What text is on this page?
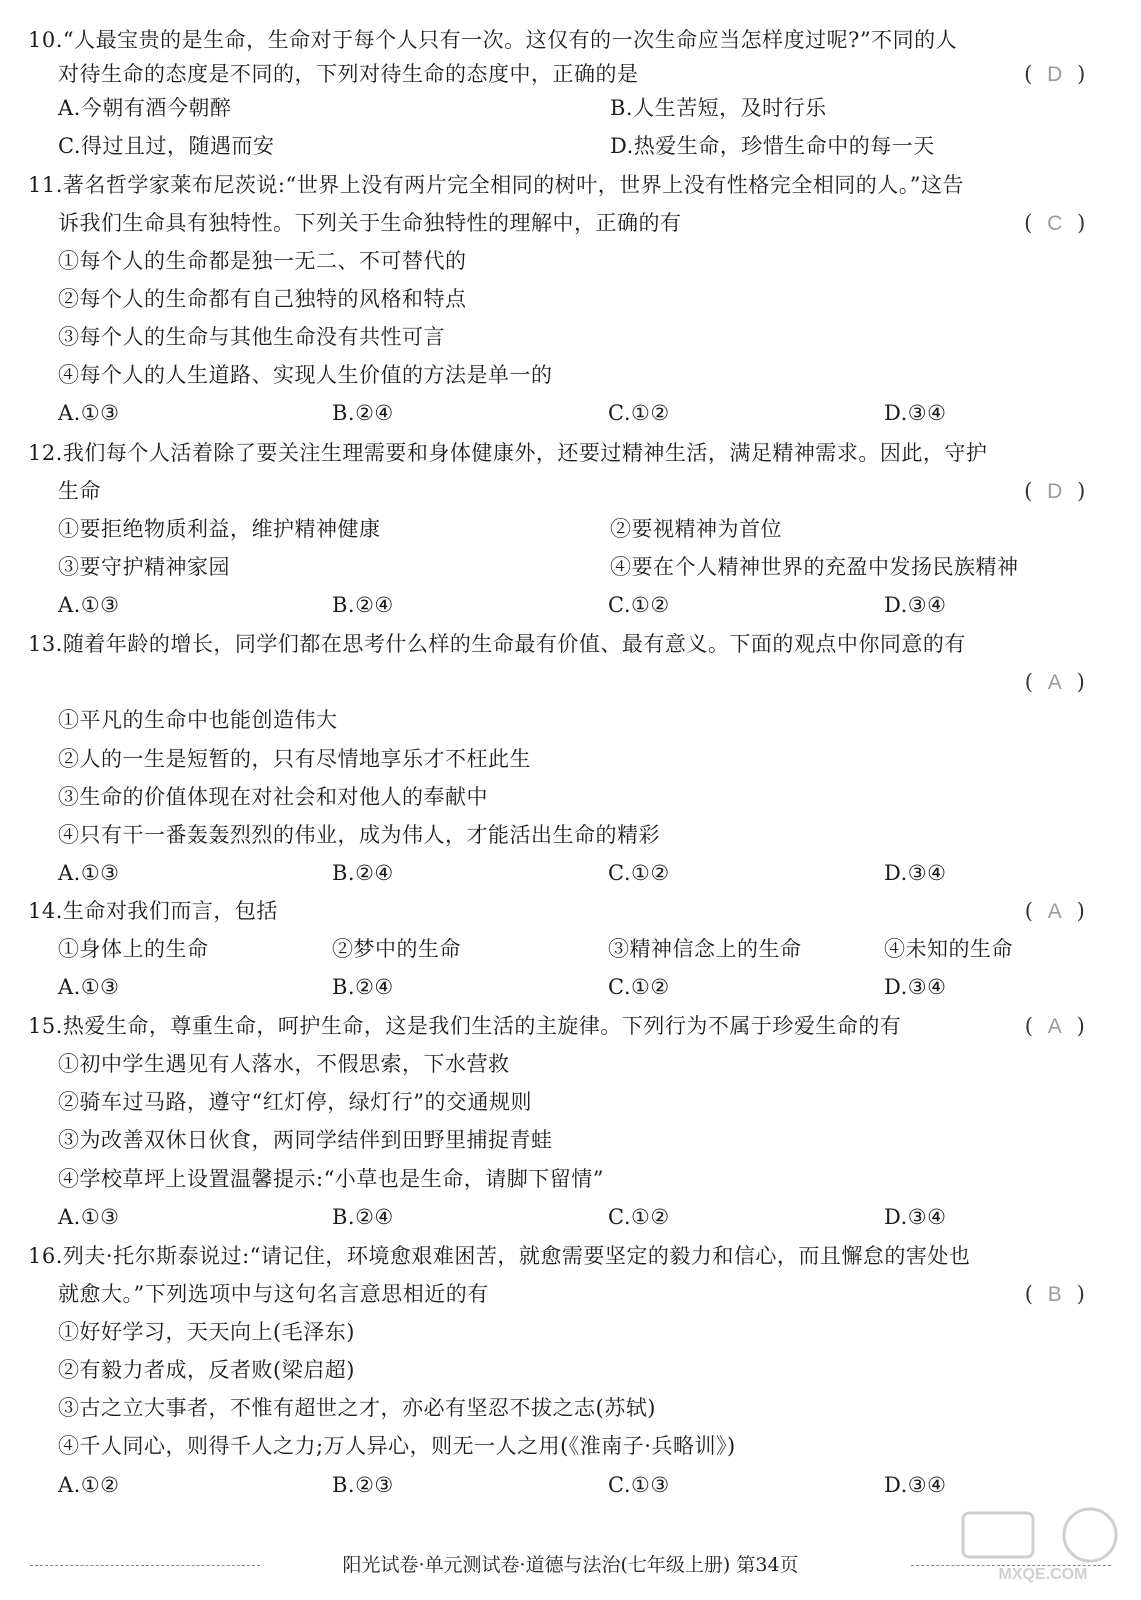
10.“人最宝贵的是生命，生命对于每个人只有一次。这仅有的一次生命应当怎样度过呢?”不同的人
对待生命的态度是不同的，下列对待生命的态度中，正确的是	(  D  )
A.今朝有酒今朝醉	B.人生苦短，及时行乐
C.得过且过，随遇而安	D.热爱生命，珍惜生命中的每一天
11.著名哲学家莱布尼茨说:“世界上没有两片完全相同的树叶，世界上没有性格完全相同的人。”这告
诉我们生命具有独特性。下列关于生命独特性的理解中，正确的有	(  C  )
①每个人的生命都是独一无二、不可替代的
②每个人的生命都有自己独特的风格和特点
③每个人的生命与其他生命没有共性可言
④每个人的人生道路、实现人生价值的方法是单一的
A.①③	B.②④	C.①②	D.③④
12.我们每个人活着除了要关注生理需要和身体健康外，还要过精神生活，满足精神需求。因此，守护
生命	(  D  )
①要拒绝物质利益，维护精神健康	②要视精神为首位
③要守护精神家园	④要在个人精神世界的充盈中发扬民族精神
A.①③	B.②④	C.①②	D.③④
13.随着年龄的增长，同学们都在思考什么样的生命最有价值、最有意义。下面的观点中你同意的有
(  A  )
①平凡的生命中也能创造伟大
②人的一生是短暂的，只有尽情地享乐才不枉此生
③生命的价值体现在对社会和对他人的奉献中
④只有干一番轰轰烈烈的伟业，成为伟人，才能活出生命的精彩
A.①③	B.②④	C.①②	D.③④
14.生命对我们而言，包括	(  A  )
①身体上的生命	②梦中的生命	③精神信念上的生命	④未知的生命
A.①③	B.②④	C.①②	D.③④
15.热爱生命，尊重生命，呵护生命，这是我们生活的主旋律。下列行为不属于珍爱生命的有	(  A  )
①初中学生遇见有人落水，不假思索，下水营救
②骑车过马路，遵守“红灯停，绿灯行”的交通规则
③为改善双休日伙食，两同学结伴到田野里捕捉青蛙
④学校草坪上设置温馨提示:“小草也是生命，请脚下留情”
A.①③	B.②④	C.①②	D.③④
16.列夫·托尔斯泰说过:“请记住，环境愈艰难困苦，就愈需要坚定的毅力和信心，而且懈怠的害处也
就愈大。”下列选项中与这句名言意思相近的有	(  B  )
①好好学习，天天向上(毛泽东)
②有毅力者成，反者败(梁启超)
③古之立大事者，不惟有超世之才，亦必有坚忍不拔之志(苏轼)
④千人同心，则得千人之力;万人异心，则无一人之用(《淮南子·兵略训》)
A.①②	B.②③	C.①③	D.③④
阳光试卷·单元测试卷·道德与法治(七年级上册) 第34页	MXQE.COM
